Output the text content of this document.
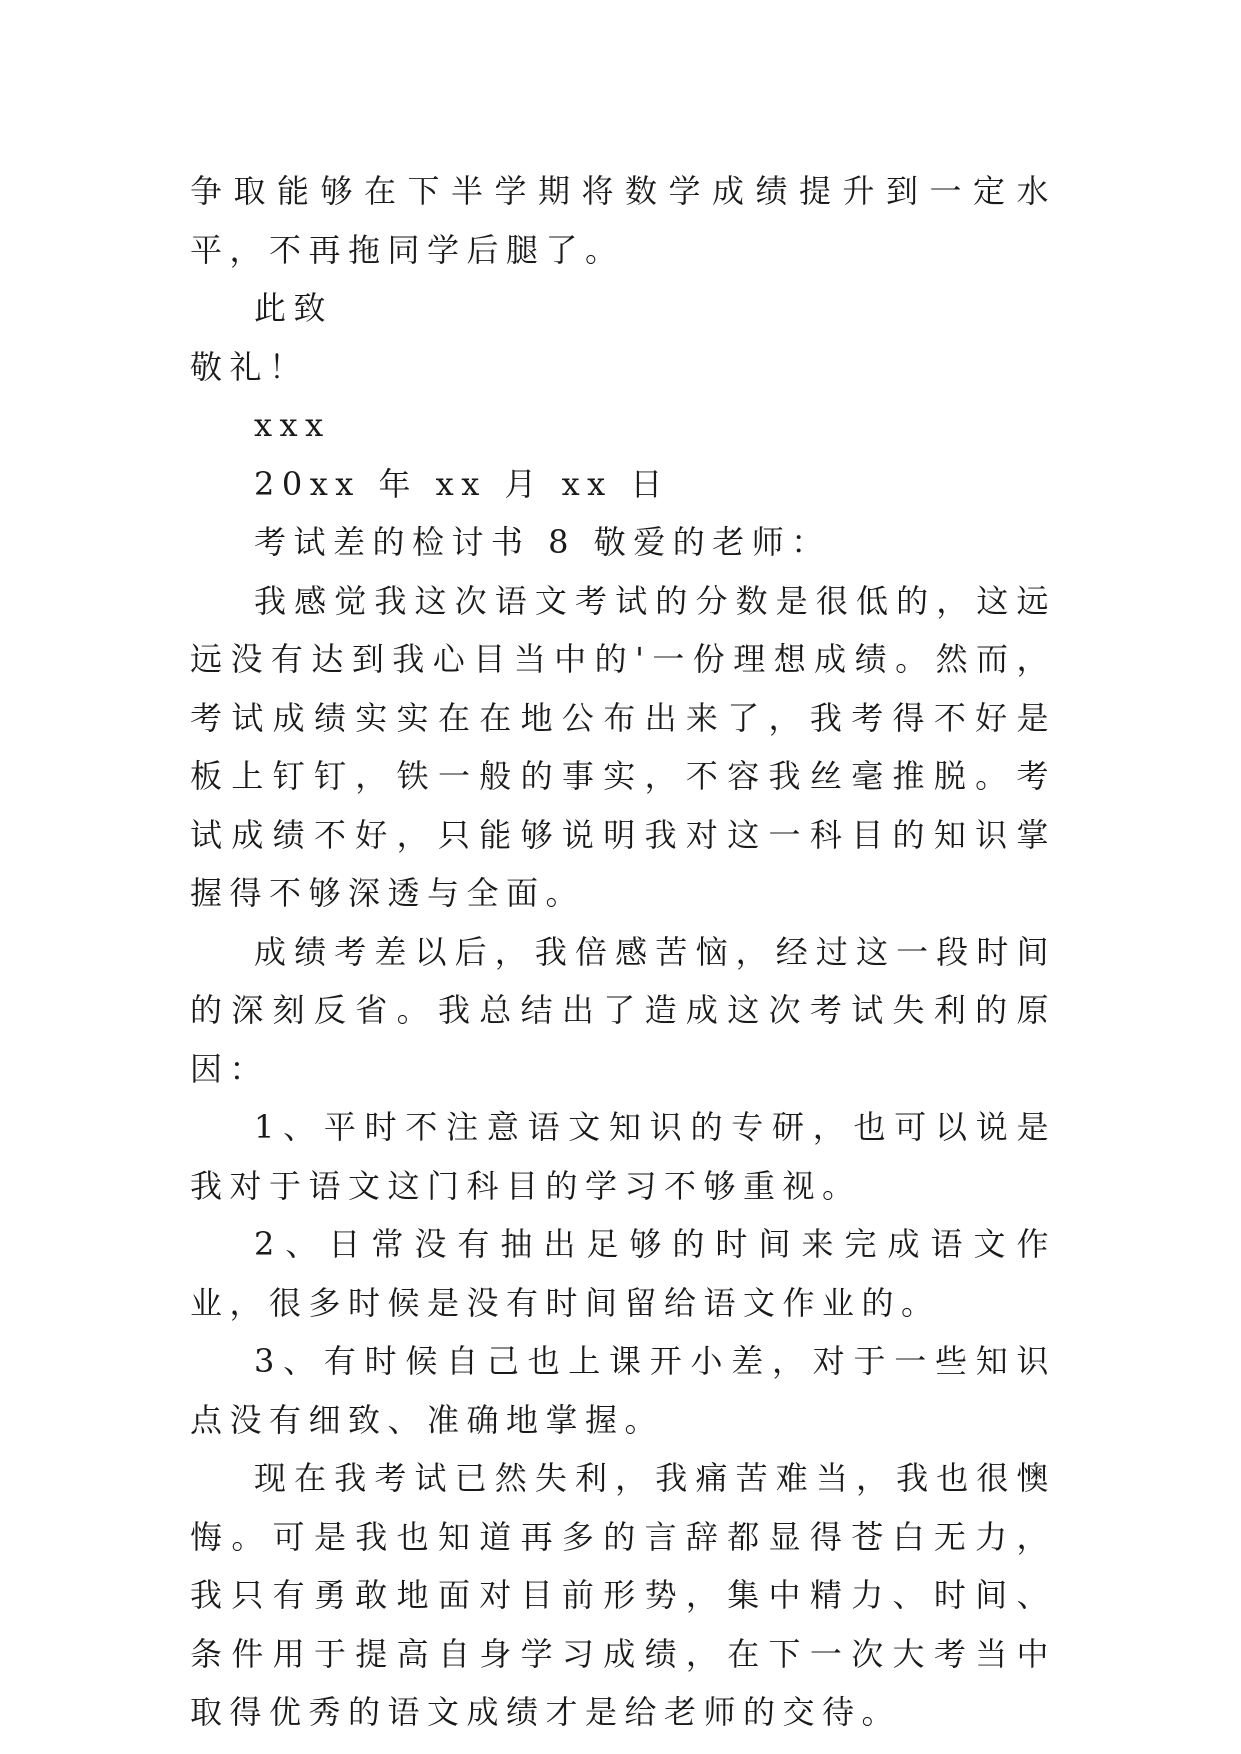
争取能够在下半学期将数学成绩提升到一定水平，不再拖同学后腿了。

此致

敬礼！

xxx

20xx 年 xx 月 xx 日

考试差的检讨书 8 敬爱的老师：

我感觉我这次语文考试的分数是很低的，这远远没有达到我心目当中的'一份理想成绩。然而，考试成绩实实在在地公布出来了，我考得不好是板上钉钉，铁一般的事实，不容我丝毫推脱。考试成绩不好，只能够说明我对这一科目的知识掌握得不够深透与全面。

成绩考差以后，我倍感苦恼，经过这一段时间的深刻反省。我总结出了造成这次考试失利的原因：

1、平时不注意语文知识的专研，也可以说是我对于语文这门科目的学习不够重视。

2、日常没有抽出足够的时间来完成语文作业，很多时候是没有时间留给语文作业的。

3、有时候自己也上课开小差，对于一些知识点没有细致、准确地掌握。

现在我考试已然失利，我痛苦难当，我也很懊悔。可是我也知道再多的言辞都显得苍白无力，我只有勇敢地面对目前形势，集中精力、时间、条件用于提高自身学习成绩，在下一次大考当中取得优秀的语文成绩才是给老师的交待。
